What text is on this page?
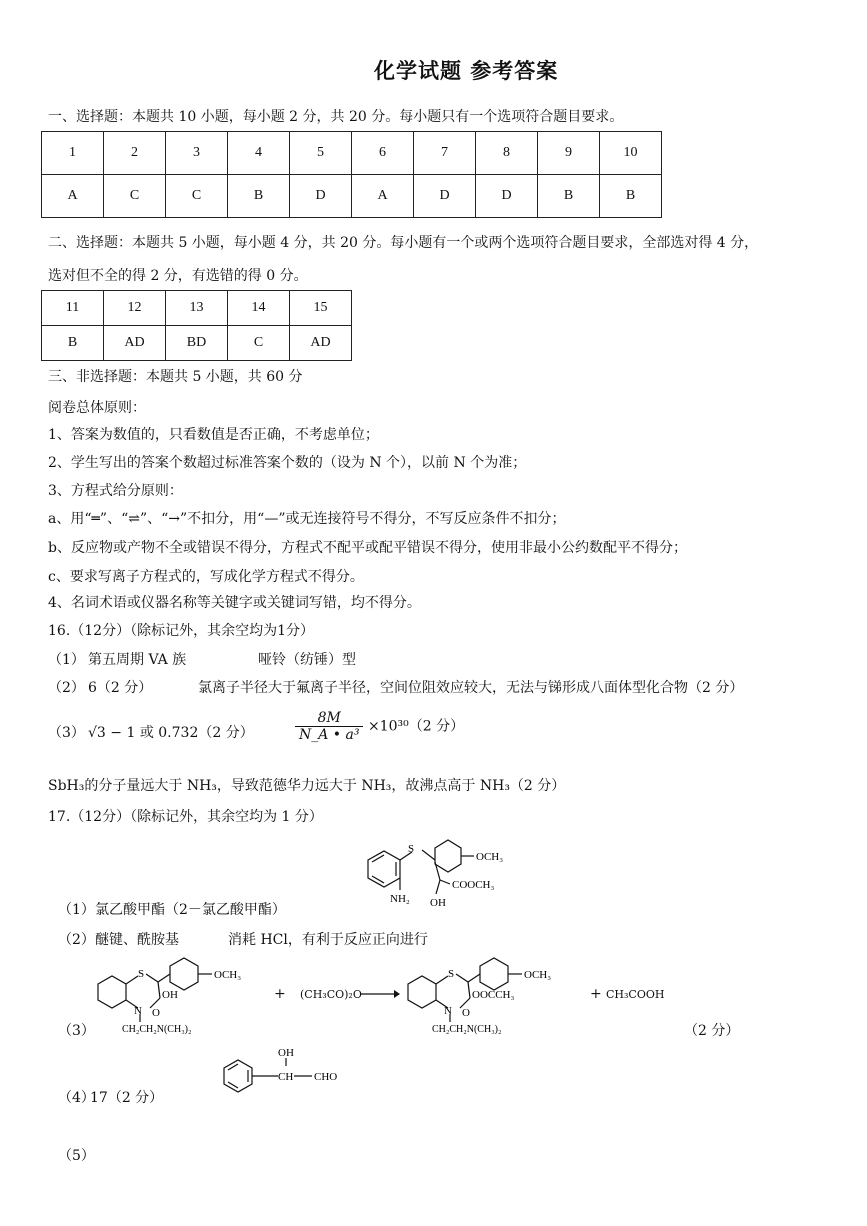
化学试题 参考答案
一、选择题：本题共 10 小题，每小题 2 分，共 20 分。每小题只有一个选项符合题目要求。
1	2	3	4	5	6	7	8	9	10
A	C	C	B	D	A	D	D	B	B
二、选择题：本题共 5 小题，每小题 4 分，共 20 分。每小题有一个或两个选项符合题目要求，全部选对得 4 分，
选对但不全的得 2 分，有选错的得 0 分。
11	12	13	14	15
B	AD	BD	C	AD
三、非选择题：本题共 5 小题，共 60 分
阅卷总体原则：
1、答案为数值的，只看数值是否正确，不考虑单位；
2、学生写出的答案个数超过标准答案个数的（设为 N 个），以前 N 个为准；
3、方程式给分原则：
a、用“═”、“⇌”、“→”不扣分，用“—”或无连接符号不得分，不写反应条件不扣分；
b、反应物或产物不全或错误不得分，方程式不配平或配平错误不得分，使用非最小公约数配平不得分；
c、要求写离子方程式的，写成化学方程式不得分。
4、名词术语或仪器名称等关键字或关键词写错，均不得分。
16.（12分）（除标记外，其余空均为1分）
（1） 第五周期 VA 族	哑铃（纺锤）型
（2） 6（2 分）	氯离子半径大于氟离子半径，空间位阻效应较大，无法与锑形成八面体型化合物（2 分）
（3） √3 − 1 或 0.732（2 分）	$\frac{8M}{\text{N\_A • a³}} \times 10^{30}(2$ 分）
SbH₃的分子量远大于 NH₃，导致范德华力远大于 NH₃，故沸点高于 NH₃（2 分）
17.（12分）（除标记外，其余空均为 1 分）
S
OCH₃
COOCH₃
NH₂ OH
（1） 氯乙酸甲酯（2－氯乙酸甲酯）
（2） 醚键、酰胺基	消耗 HCl，有利于反应正向进行
S	OCH₃
OH
N O
CH₂CH₂N(CH₃)₂
+ (CH₃CO)₂O
S	OCH₃
OOCCH₃
N O
CH₂CH₂N(CH₃)₂
+ CH₃COOH
（3）	（2 分）
OH
CH CHO
（4）
17（2 分）
（5）
